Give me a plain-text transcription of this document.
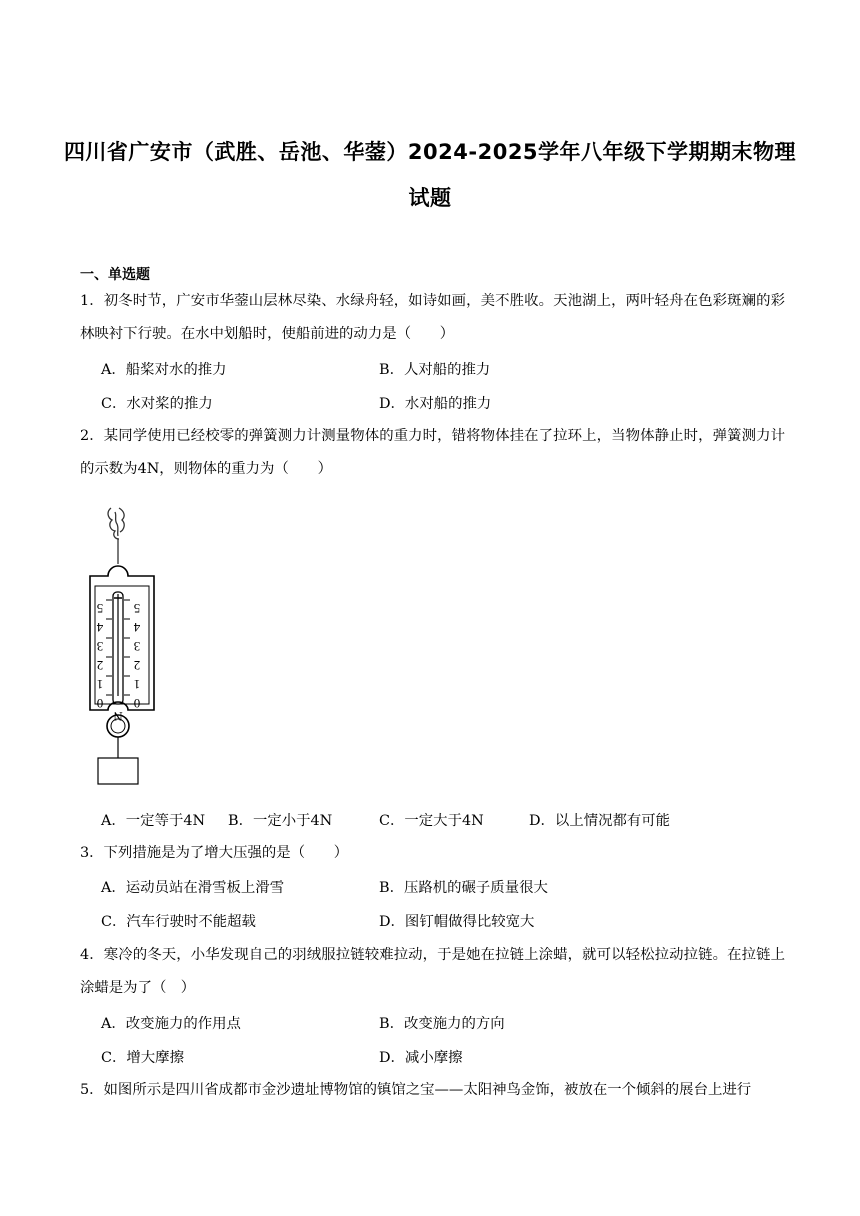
四川省广安市（武胜、岳池、华蓥）2024-2025学年八年级下学期期末物理
试题
一、单选题
1．初冬时节，广安市华蓥山层林尽染、水绿舟轻，如诗如画，美不胜收。天池湖上，两叶轻舟在色彩斑斓的彩林映衬下行驶。在水中划船时，使船前进的动力是（　　）
A．船桨对水的推力	B．人对船的推力
C．水对桨的推力	D．水对船的推力
2．某同学使用已经校零的弹簧测力计测量物体的重力时，错将物体挂在了拉环上，当物体静止时，弹簧测力计的示数为4N，则物体的重力为（　　）
5
4
3
2
1
0
5
4
3
2
1
0
N
A．一定等于4N B．一定小于4N	C．一定大于4N	D．以上情况都有可能
3．下列措施是为了增大压强的是（　　）
A．运动员站在滑雪板上滑雪	B．压路机的碾子质量很大
C．汽车行驶时不能超载	D．图钉帽做得比较宽大
4．寒冷的冬天，小华发现自己的羽绒服拉链较难拉动，于是她在拉链上涂蜡，就可以轻松拉动拉链。在拉链上涂蜡是为了（　）
A．改变施力的作用点	B．改变施力的方向
C．增大摩擦	D．减小摩擦
5．如图所示是四川省成都市金沙遗址博物馆的镇馆之宝——太阳神鸟金饰，被放在一个倾斜的展台上进行
